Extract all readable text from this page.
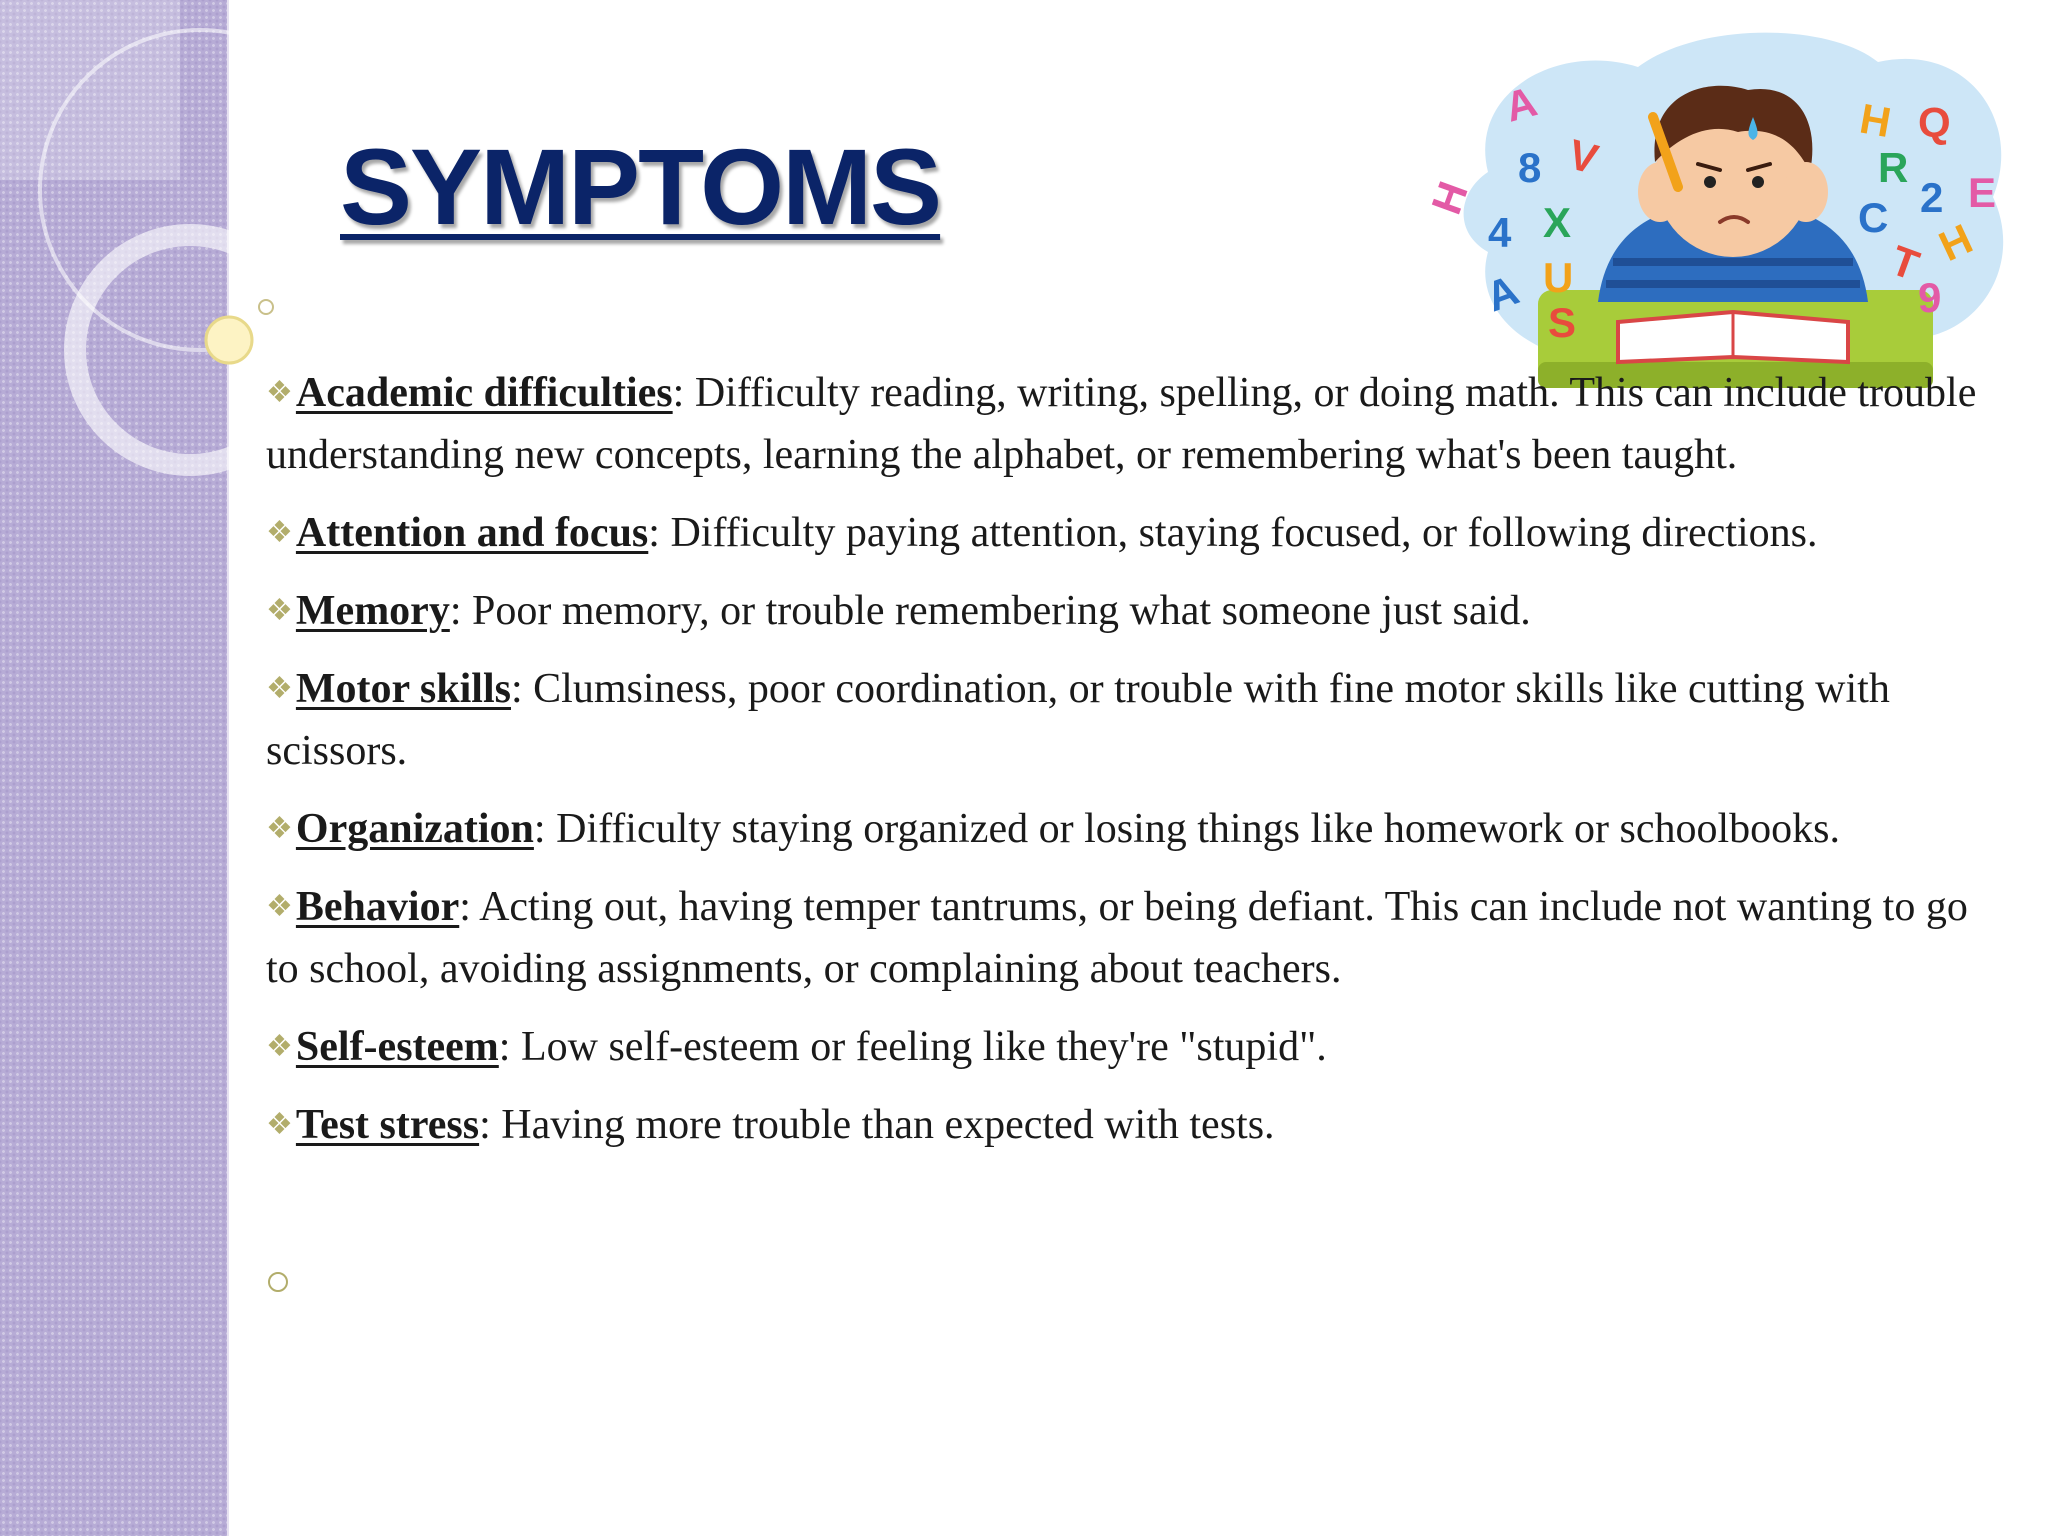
SYMPTOMS
A
8 V
H
4 X
A U
S
H Q
R
2 E
C
T H
9

❖Academic difficulties: Difficulty reading, writing, spelling, or doing math. This can include trouble understanding new concepts, learning the alphabet, or remembering what's been taught.

❖Attention and focus: Difficulty paying attention, staying focused, or following directions.

❖Memory: Poor memory, or trouble remembering what someone just said.

❖Motor skills: Clumsiness, poor coordination, or trouble with fine motor skills like cutting with scissors.

❖Organization: Difficulty staying organized or losing things like homework or schoolbooks.

❖Behavior: Acting out, having temper tantrums, or being defiant. This can include not wanting to go to school, avoiding assignments, or complaining about teachers.

❖Self-esteem: Low self-esteem or feeling like they're "stupid".

❖Test stress: Having more trouble than expected with tests.
